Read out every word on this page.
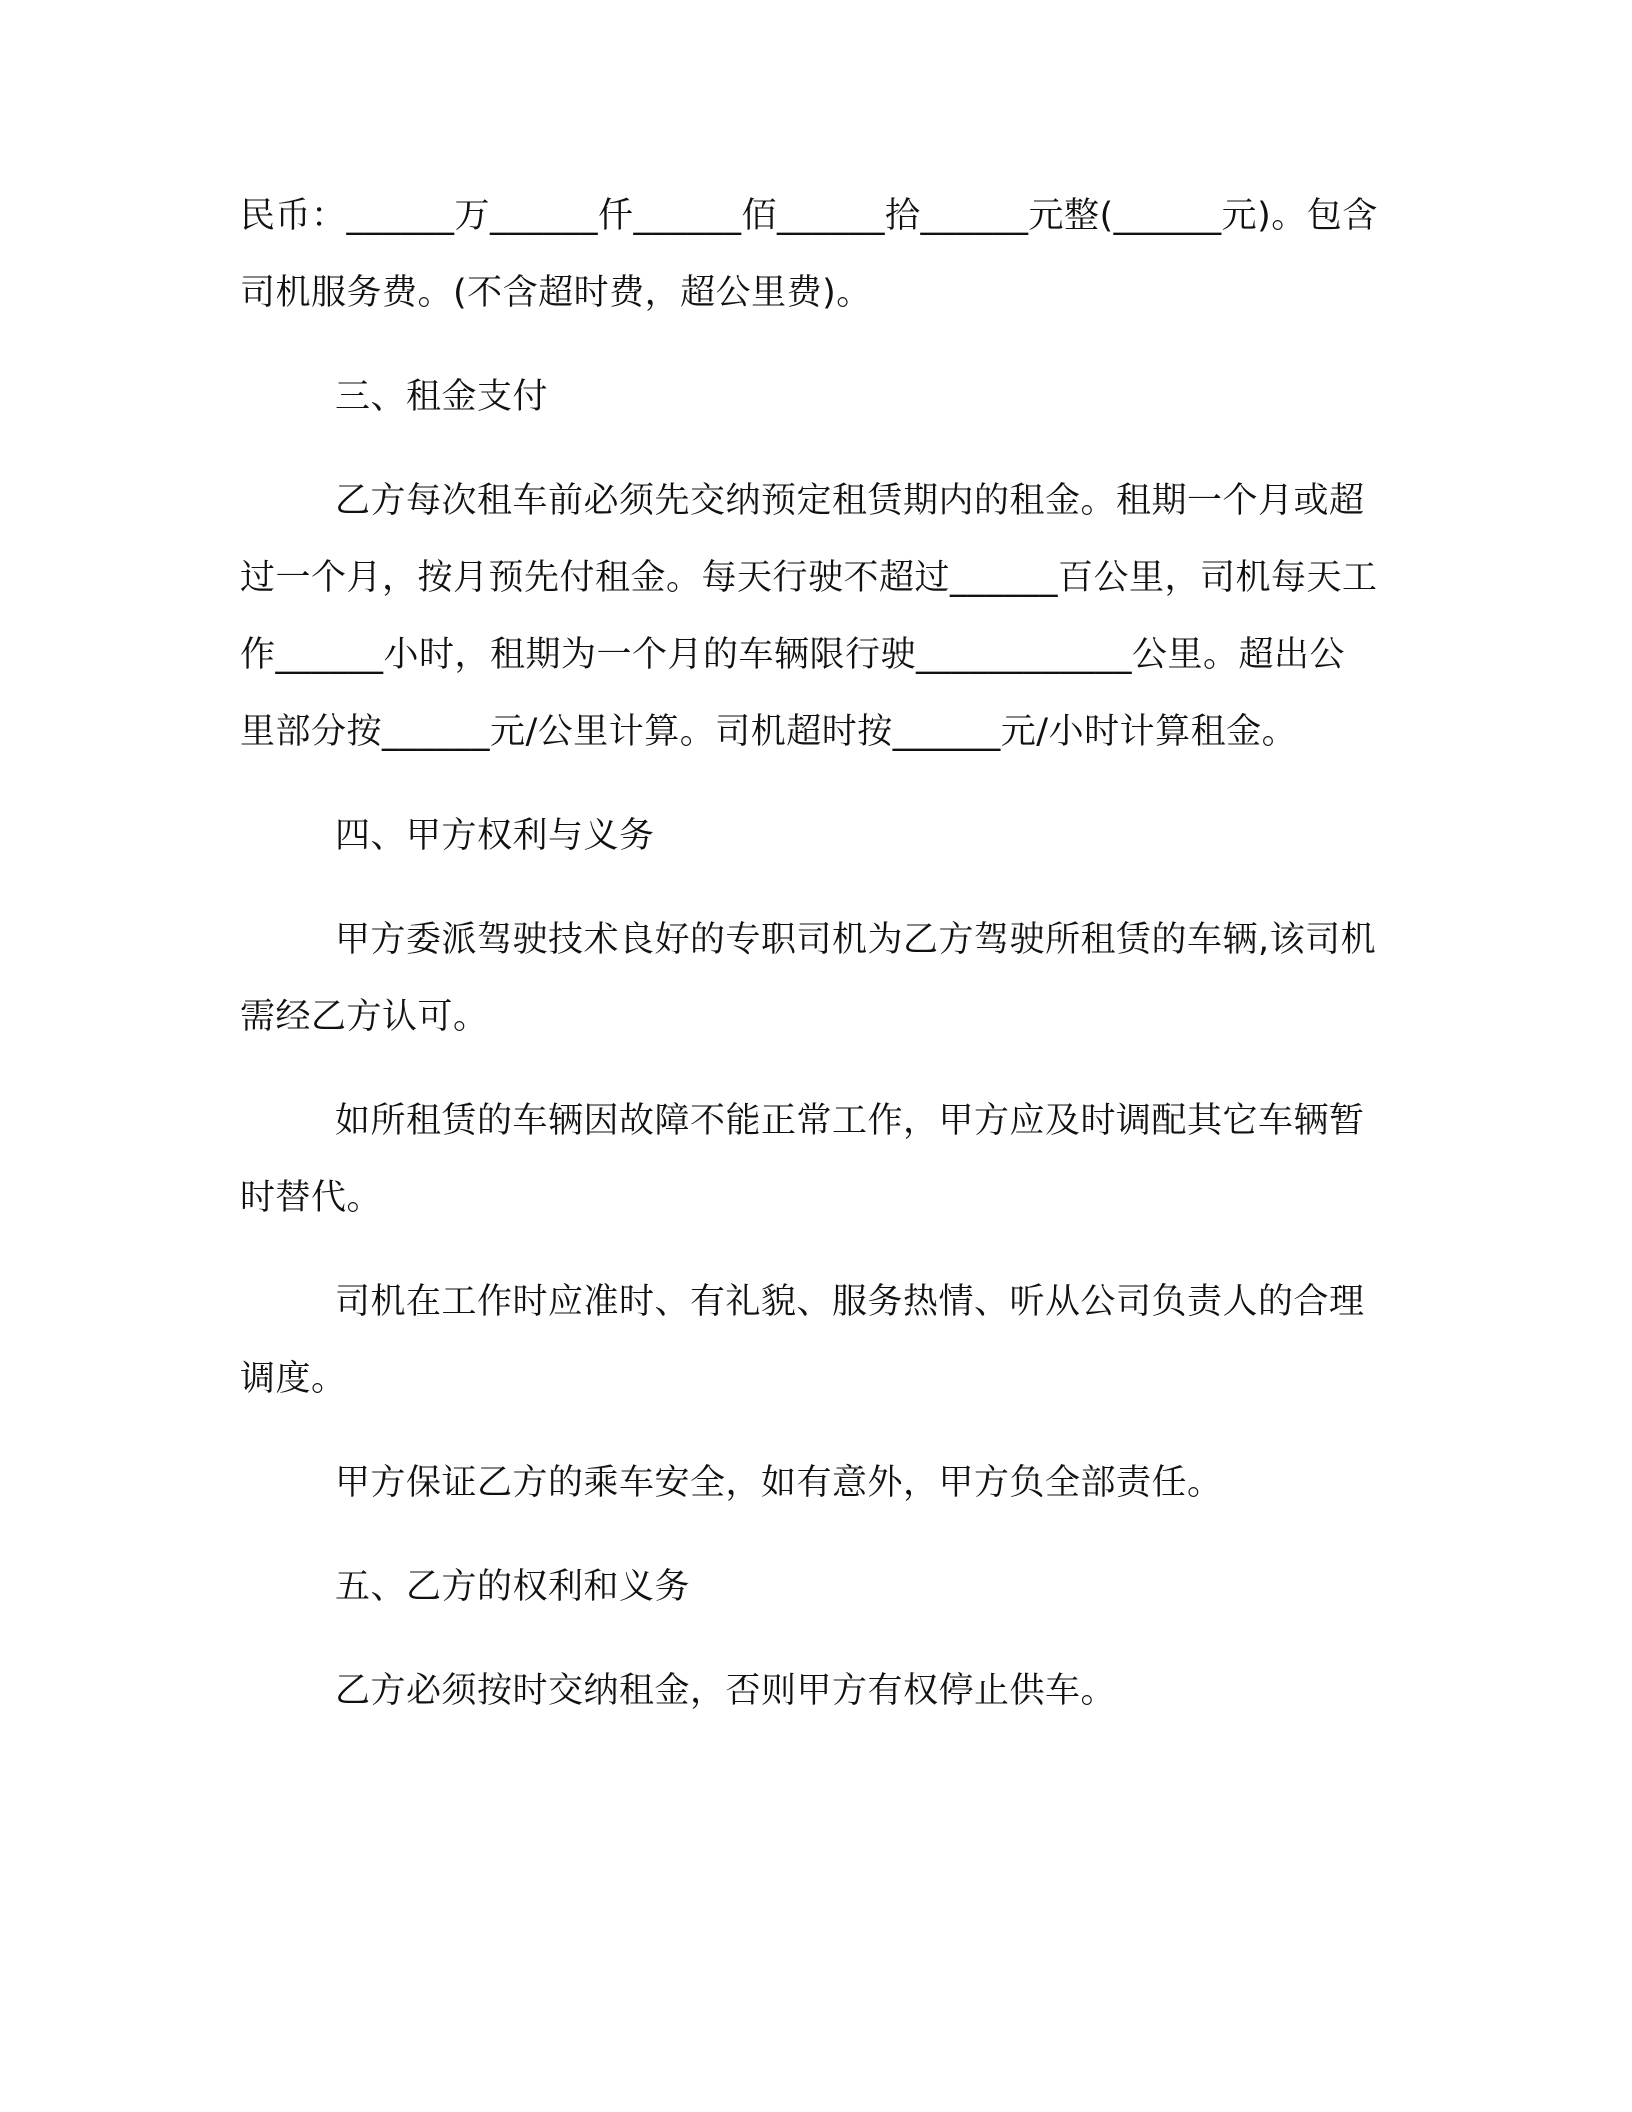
民币：______万______仟______佰______拾______元整(______元)。包含司机服务费。(不含超时费，超公里费)。

三、租金支付

乙方每次租车前必须先交纳预定租赁期内的租金。租期一个月或超过一个月，按月预先付租金。每天行驶不超过______百公里，司机每天工作______小时，租期为一个月的车辆限行驶____________公里。超出公里部分按______元/公里计算。司机超时按______元/小时计算租金。

四、甲方权利与义务

甲方委派驾驶技术良好的专职司机为乙方驾驶所租赁的车辆,该司机需经乙方认可。

如所租赁的车辆因故障不能正常工作，甲方应及时调配其它车辆暂时替代。

司机在工作时应准时、有礼貌、服务热情、听从公司负责人的合理调度。

甲方保证乙方的乘车安全，如有意外，甲方负全部责任。

五、乙方的权利和义务

乙方必须按时交纳租金，否则甲方有权停止供车。
